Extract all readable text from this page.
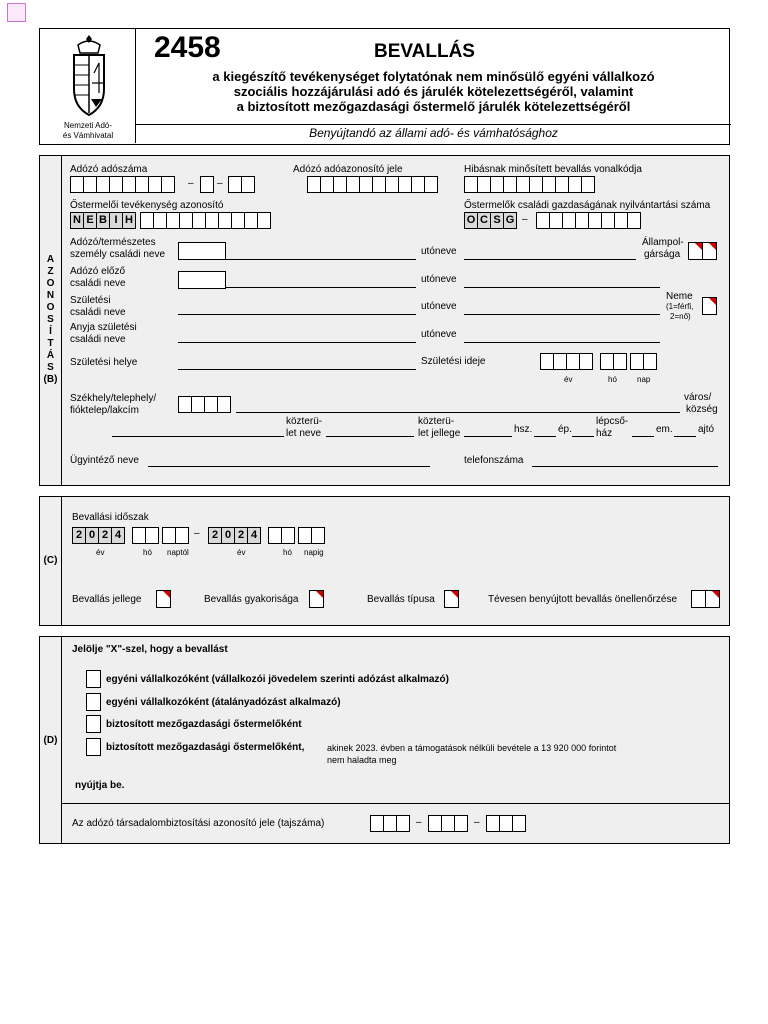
Nemzeti Adó-
és Vámhivatal
2458	BEVALLÁS
a kiegészítő tevékenységet folytatónak nem minősülő egyéni vállalkozó
szociális hozzájárulási adó és járulék kötelezettségéről, valamint
a biztosított mezőgazdasági őstermelő járulék kötelezettségéről
Benyújtandó az állami adó- és vámhatósághoz
A
Z
O
N
O
S
Í
T
Á
S
(B)
Adózó adószáma
– –
Adózó adóazonosító jele	Hibásnak minősített bevallás vonalkódja
Őstermelői tevékenység azonosító
N E B I H
Őstermelők családi gazdaságának nyilvántartási száma
O C S G –
Adózó/természetes
személy családi neve	utóneve
Állampol-
gársága
Adózó előző
családi neve	utóneve
Születési
családi neve
utóneve
Neme
(1=férfi,
2=nő)
Anyja születési
családi neve	utóneve
Születési helye	Születési ideje
év	hó	nap
Székhely/telephely/
fióktelep/lakcím
város/
község
közterü-
let neve
közterü-
let jellege	hsz.	ép.
lépcső-
ház	em.	ajtó
Ügyintéző neve	telefonszáma
(C)
Bevallási időszak
2 0 2 4	–	2 0 2 4
év	hó naptól	év	hó napig
Bevallás jellege	Bevallás gyakorisága	Bevallás típusa	Tévesen benyújtott bevallás önellenőrzése
(D)
Jelölje "X"-szel, hogy a bevallást
egyéni vállalkozóként (vállalkozói jövedelem szerinti adózást alkalmazó)
egyéni vállalkozóként (átalányadózást alkalmazó)
biztosított mezőgazdasági őstermelőként
biztosított mezőgazdasági őstermelőként,	akinek 2023. évben a támogatások nélküli bevétele a 13 920 000 forintot
nem haladta meg
nyújtja be.
Az adózó társadalombiztosítási azonosító jele (tajszáma)	–	–
